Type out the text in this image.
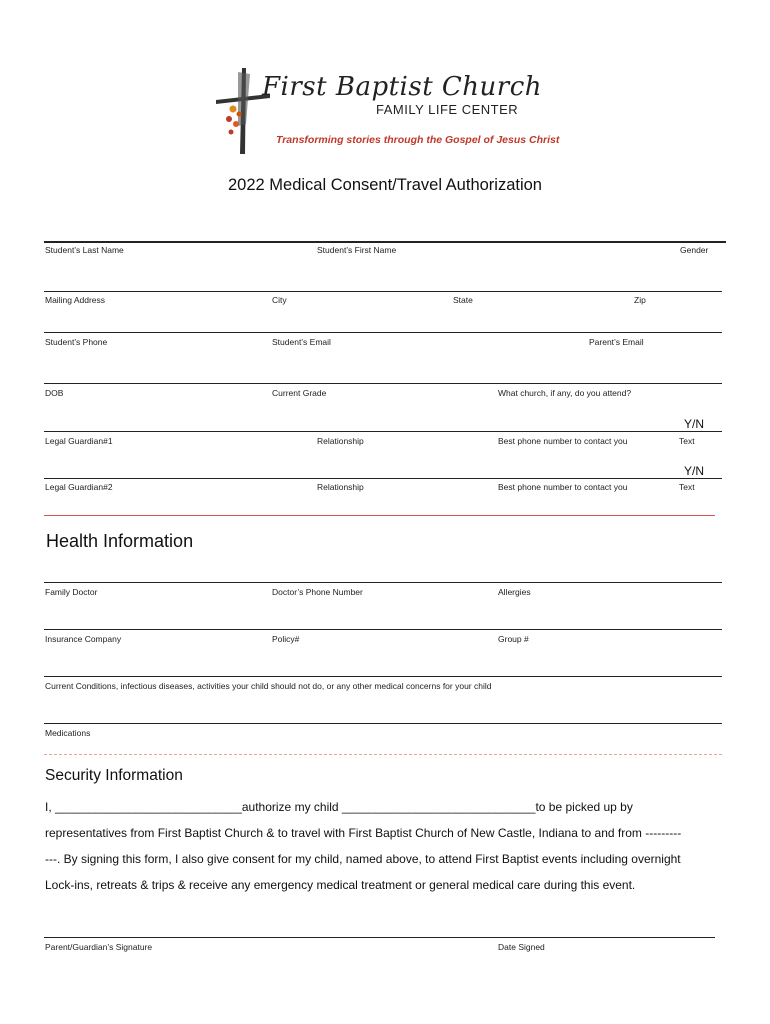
First Baptist Church
FAMILY LIFE CENTER
Transforming stories through the Gospel of Jesus Christ
2022 Medical Consent/Travel Authorization
Student’s Last Name	Student’s First Name	Gender
Mailing Address	City	State	Zip
Student’s Phone	Student’s Email	Parent’s Email
DOB	Current Grade	What church, if any, do you attend?
Y/N
Legal Guardian#1	Relationship	Best phone number to contact you	Text
Y/N
Legal Guardian#2	Relationship	Best phone number to contact you	Text
Health Information
Family Doctor	Doctor’s Phone Number	Allergies
Insurance Company	Policy#	Group #
Current Conditions, infectious diseases, activities your child should not do, or any other medical concerns for your child
Medications
Security Information
I, ____________________________authorize my child _____________________________to be picked up by
representatives from First Baptist Church & to travel with First Baptist Church of New Castle, Indiana to and from ---------
---. By signing this form, I also give consent for my child, named above, to attend First Baptist events including overnight
Lock-ins, retreats & trips & receive any emergency medical treatment or general medical care during this event.
Parent/Guardian’s Signature	Date Signed
